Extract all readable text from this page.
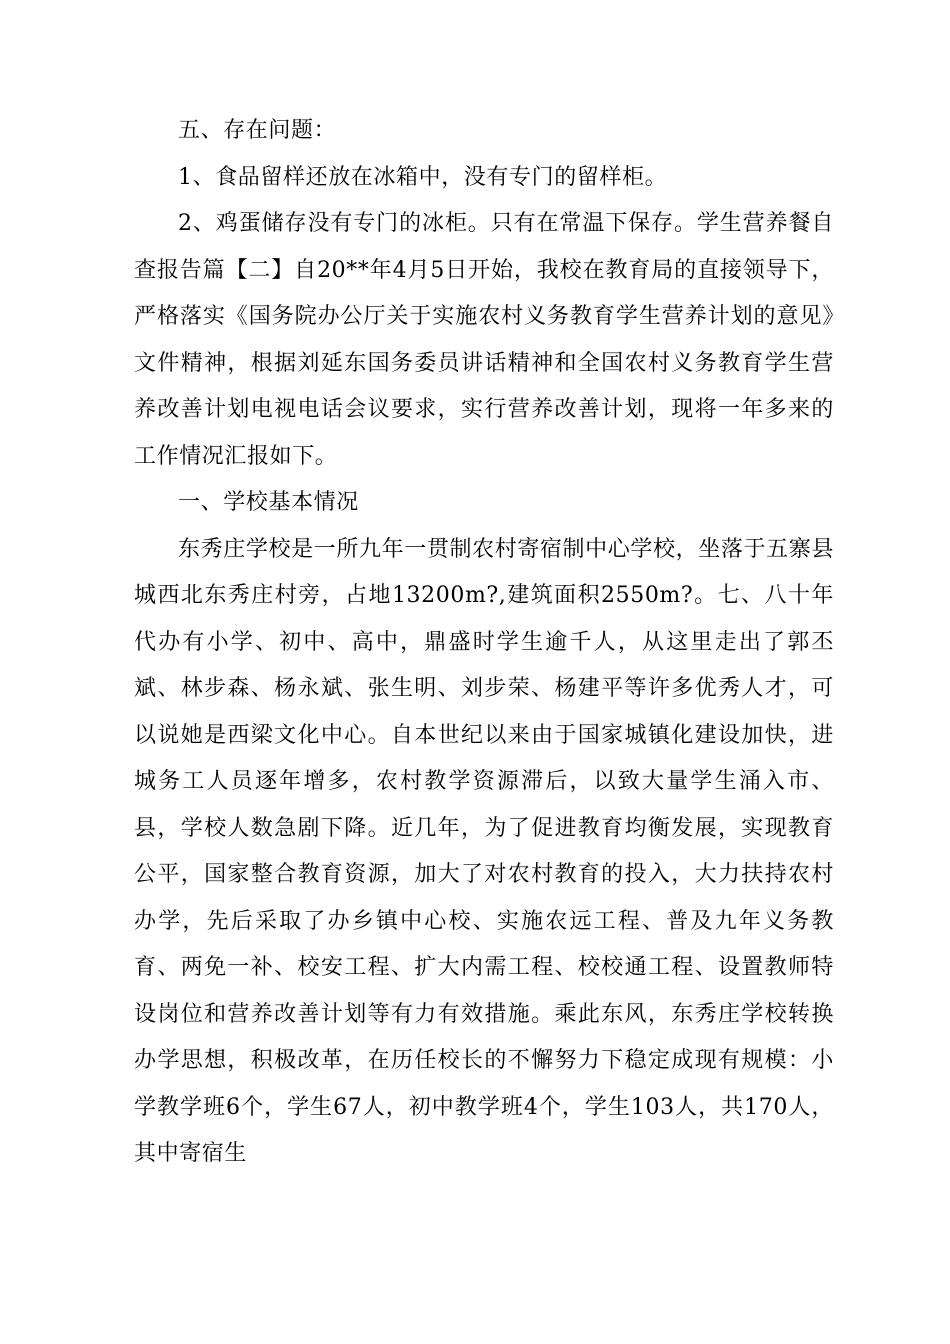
五、存在问题：

1、食品留样还放在冰箱中，没有专门的留样柜。

2、鸡蛋储存没有专门的冰柜。只有在常温下保存。学生营养餐自查报告篇【二】自20**年4月5日开始，我校在教育局的直接领导下，严格落实《国务院办公厅关于实施农村义务教育学生营养计划的意见》文件精神，根据刘延东国务委员讲话精神和全国农村义务教育学生营养改善计划电视电话会议要求，实行营养改善计划，现将一年多来的工作情况汇报如下。

一、学校基本情况

东秀庄学校是一所九年一贯制农村寄宿制中心学校，坐落于五寨县城西北东秀庄村旁，占地13200m?,建筑面积2550m?。七、八十年代办有小学、初中、高中，鼎盛时学生逾千人，从这里走出了郭丕斌、林步森、杨永斌、张生明、刘步荣、杨建平等许多优秀人才，可以说她是西梁文化中心。自本世纪以来由于国家城镇化建设加快，进城务工人员逐年增多，农村教学资源滞后，以致大量学生涌入市、县，学校人数急剧下降。近几年，为了促进教育均衡发展，实现教育公平，国家整合教育资源，加大了对农村教育的投入，大力扶持农村办学，先后采取了办乡镇中心校、实施农远工程、普及九年义务教育、两免一补、校安工程、扩大内需工程、校校通工程、设置教师特设岗位和营养改善计划等有力有效措施。乘此东风，东秀庄学校转换办学思想，积极改革，在历任校长的不懈努力下稳定成现有规模：小学教学班6个，学生67人，初中教学班4个，学生103人，共170人，其中寄宿生
